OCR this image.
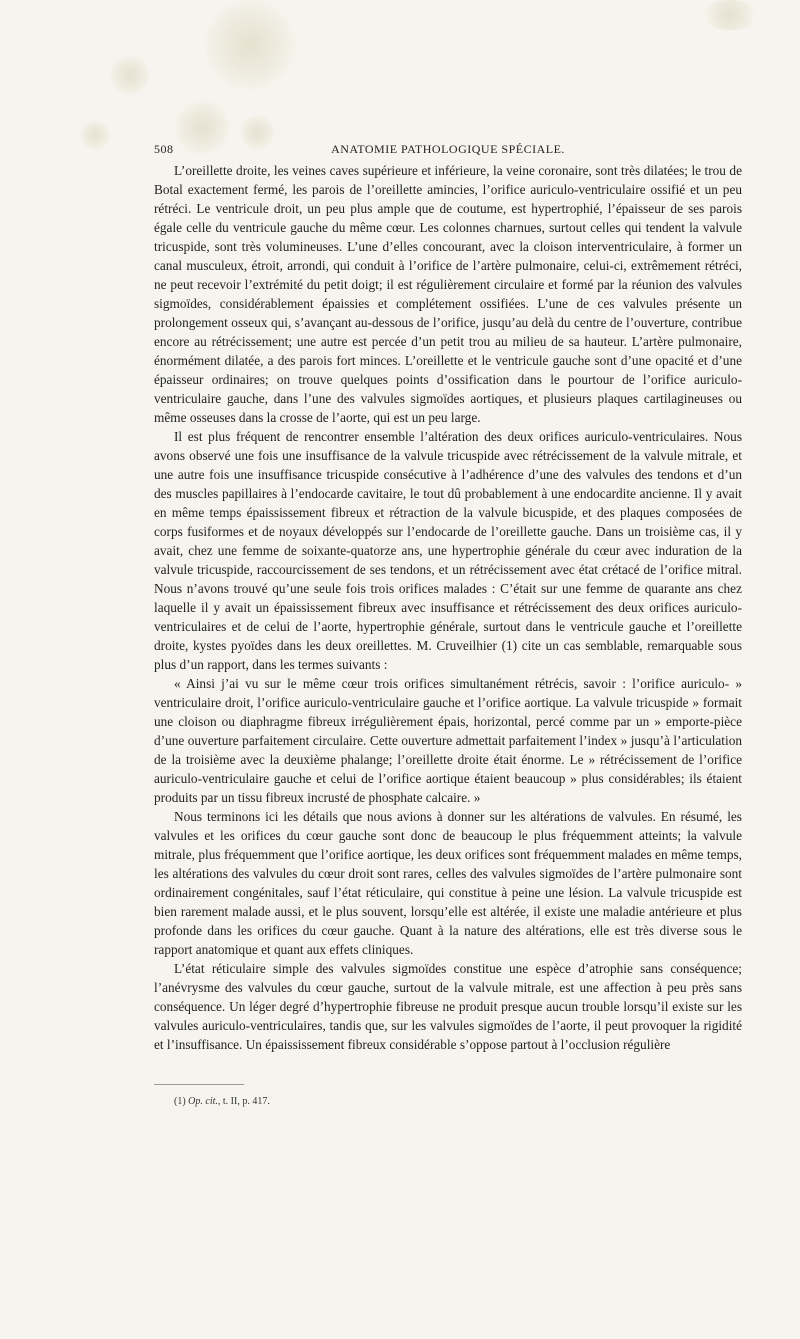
508	ANATOMIE PATHOLOGIQUE SPÉCIALE.

L’oreillette droite, les veines caves supérieure et inférieure, la veine coronaire, sont très dilatées; le trou de Botal exactement fermé, les parois de l’oreillette amincies, l’orifice auriculo-ventriculaire ossifié et un peu rétréci. Le ventricule droit, un peu plus ample que de coutume, est hypertrophié, l’épaisseur de ses parois égale celle du ventricule gauche du même cœur. Les colonnes charnues, surtout celles qui tendent la valvule tricuspide, sont très volumineuses. L’une d’elles concourant, avec la cloison interventriculaire, à former un canal musculeux, étroit, arrondi, qui conduit à l’orifice de l’artère pulmonaire, celui-ci, extrêmement rétréci, ne peut recevoir l’extrémité du petit doigt; il est régulièrement circulaire et formé par la réunion des valvules sigmoïdes, considérablement épaissies et complétement ossifiées. L’une de ces valvules présente un prolongement osseux qui, s’avançant au-dessous de l’orifice, jusqu’au delà du centre de l’ouverture, contribue encore au rétrécissement; une autre est percée d’un petit trou au milieu de sa hauteur. L’artère pulmonaire, énormément dilatée, a des parois fort minces. L’oreillette et le ventricule gauche sont d’une opacité et d’une épaisseur ordinaires; on trouve quelques points d’ossification dans le pourtour de l’orifice auriculo-ventriculaire gauche, dans l’une des valvules sigmoïdes aortiques, et plusieurs plaques cartilagineuses ou même osseuses dans la crosse de l’aorte, qui est un peu large.

Il est plus fréquent de rencontrer ensemble l’altération des deux orifices auriculo-ventriculaires. Nous avons observé une fois une insuffisance de la valvule tricuspide avec rétrécissement de la valvule mitrale, et une autre fois une insuffisance tricuspide consécutive à l’adhérence d’une des valvules des tendons et d’un des muscles papillaires à l’endocarde cavitaire, le tout dû probablement à une endocardite ancienne. Il y avait en même temps épaississement fibreux et rétraction de la valvule bicuspide, et des plaques composées de corps fusiformes et de noyaux développés sur l’endocarde de l’oreillette gauche. Dans un troisième cas, il y avait, chez une femme de soixante-quatorze ans, une hypertrophie générale du cœur avec induration de la valvule tricuspide, raccourcissement de ses tendons, et un rétrécissement avec état crétacé de l’orifice mitral. Nous n’avons trouvé qu’une seule fois trois orifices malades : C’était sur une femme de quarante ans chez laquelle il y avait un épaississement fibreux avec insuffisance et rétrécissement des deux orifices auriculo-ventriculaires et de celui de l’aorte, hypertrophie générale, surtout dans le ventricule gauche et l’oreillette droite, kystes pyoïdes dans les deux oreillettes. M. Cruveilhier (1) cite un cas semblable, remarquable sous plus d’un rapport, dans les termes suivants :

« Ainsi j’ai vu sur le même cœur trois orifices simultanément rétrécis, savoir : l’orifice auriculo- » ventriculaire droit, l’orifice auriculo-ventriculaire gauche et l’orifice aortique. La valvule tricuspide » formait une cloison ou diaphragme fibreux irrégulièrement épais, horizontal, percé comme par un » emporte-pièce d’une ouverture parfaitement circulaire. Cette ouverture admettait parfaitement l’index » jusqu’à l’articulation de la troisième avec la deuxième phalange; l’oreillette droite était énorme. Le » rétrécissement de l’orifice auriculo-ventriculaire gauche et celui de l’orifice aortique étaient beaucoup » plus considérables; ils étaient produits par un tissu fibreux incrusté de phosphate calcaire. »

Nous terminons ici les détails que nous avions à donner sur les altérations de valvules. En résumé, les valvules et les orifices du cœur gauche sont donc de beaucoup le plus fréquemment atteints; la valvule mitrale, plus fréquemment que l’orifice aortique, les deux orifices sont fréquemment malades en même temps, les altérations des valvules du cœur droit sont rares, celles des valvules sigmoïdes de l’artère pulmonaire sont ordinairement congénitales, sauf l’état réticulaire, qui constitue à peine une lésion. La valvule tricuspide est bien rarement malade aussi, et le plus souvent, lorsqu’elle est altérée, il existe une maladie antérieure et plus profonde dans les orifices du cœur gauche. Quant à la nature des altérations, elle est très diverse sous le rapport anatomique et quant aux effets cliniques.

L’état réticulaire simple des valvules sigmoïdes constitue une espèce d’atrophie sans conséquence; l’anévrysme des valvules du cœur gauche, surtout de la valvule mitrale, est une affection à peu près sans conséquence. Un léger degré d’hypertrophie fibreuse ne produit presque aucun trouble lorsqu’il existe sur les valvules auriculo-ventriculaires, tandis que, sur les valvules sigmoïdes de l’aorte, il peut provoquer la rigidité et l’insuffisance. Un épaississement fibreux considérable s’oppose partout à l’occlusion régulière

(1) Op. cit., t. II, p. 417.
